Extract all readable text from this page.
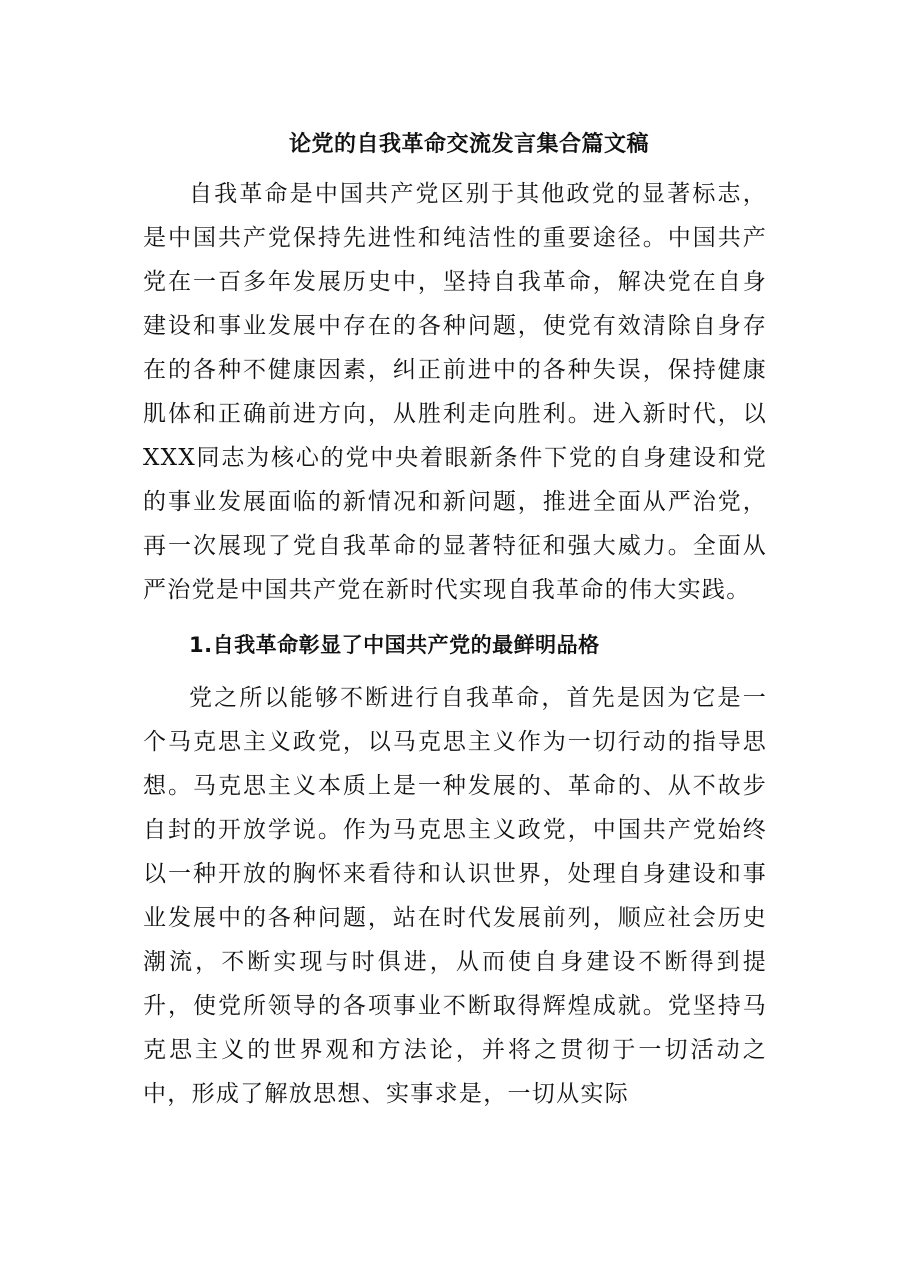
论党的自我革命交流发言集合篇文稿

自我革命是中国共产党区别于其他政党的显著标志，是中国共产党保持先进性和纯洁性的重要途径。中国共产党在一百多年发展历史中，坚持自我革命，解决党在自身建设和事业发展中存在的各种问题，使党有效清除自身存在的各种不健康因素，纠正前进中的各种失误，保持健康肌体和正确前进方向，从胜利走向胜利。进入新时代，以XXX同志为核心的党中央着眼新条件下党的自身建设和党的事业发展面临的新情况和新问题，推进全面从严治党，再一次展现了党自我革命的显著特征和强大威力。全面从严治党是中国共产党在新时代实现自我革命的伟大实践。

1.自我革命彰显了中国共产党的最鲜明品格

党之所以能够不断进行自我革命，首先是因为它是一个马克思主义政党，以马克思主义作为一切行动的指导思想。马克思主义本质上是一种发展的、革命的、从不故步自封的开放学说。作为马克思主义政党，中国共产党始终以一种开放的胸怀来看待和认识世界，处理自身建设和事业发展中的各种问题，站在时代发展前列，顺应社会历史潮流，不断实现与时俱进，从而使自身建设不断得到提升，使党所领导的各项事业不断取得辉煌成就。党坚持马克思主义的世界观和方法论，并将之贯彻于一切活动之中，形成了解放思想、实事求是，一切从实际
